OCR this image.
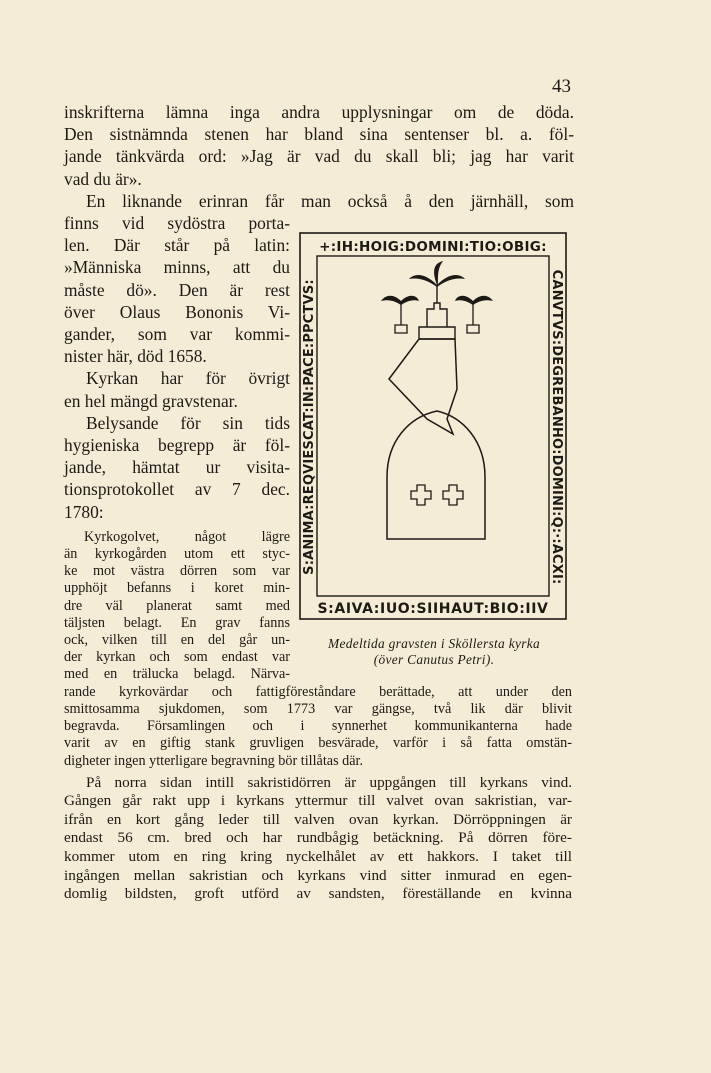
43
inskrifterna lämna inga andra upplysningar om de döda.
Den sistnämnda stenen har bland sina sentenser bl. a. föl-
jande tänkvärda ord: »Jag är vad du skall bli; jag har varit
vad du är».
En liknande erinran får man också å den järnhäll, som
finns vid sydöstra porta-
len. Där står på latin:
»Människa minns, att du
måste dö». Den är rest
över Olaus Bononis Vi-
gander, som var kommi-
nister här, död 1658.
Kyrkan har för övrigt
en hel mängd gravstenar.
Belysande för sin tids
hygieniska begrepp är föl-
jande, hämtat ur visita-
tionsprotokollet av 7 dec.
1780:
Kyrkogolvet, något lägre
än kyrkogården utom ett styc-
ke mot västra dörren som var
upphöjt befanns i koret min-
dre väl planerat samt med
täljsten belagt. En grav fanns
ock, vilken till en del går un-
der kyrkan och som endast var
med en trälucka belagd. Närva-
rande kyrkovärdar och fattigföreståndare berättade, att under den
smittosamma sjukdomen, som 1773 var gängse, två lik där blivit
begravda. Församlingen och i synnerhet kommunikanterna hade
varit av en giftig stank gruvligen besvärade, varför i så fatta omstän-
digheter ingen ytterligare begravning bör tillåtas där.
På norra sidan intill sakristidörren är uppgången till kyrkans vind.
Gången går rakt upp i kyrkans yttermur till valvet ovan sakristian, var-
ifrån en kort gång leder till valven ovan kyrkan. Dörröppningen är
endast 56 cm. bred och har rundbågig betäckning. På dörren före-
kommer utom en ring kring nyckelhålet av ett hakkors. I taket till
ingången mellan sakristian och kyrkans vind sitter inmurad en egen-
domlig bildsten, groft utförd av sandsten, föreställande en kvinna
+:IH:HOIG:DOMINI:TIO:OBIG:
S:AIVA:IUO:SIIHAUT:BIO:IIV
CANVTVS:DEGREBANHO:DOMINI:Q:·:ACXI:
S:ANIMA:REQVIESCAT:IN:PACE:PPCTVS:
Medeltida gravsten i Sköllersta kyrka
(över Canutus Petri).
